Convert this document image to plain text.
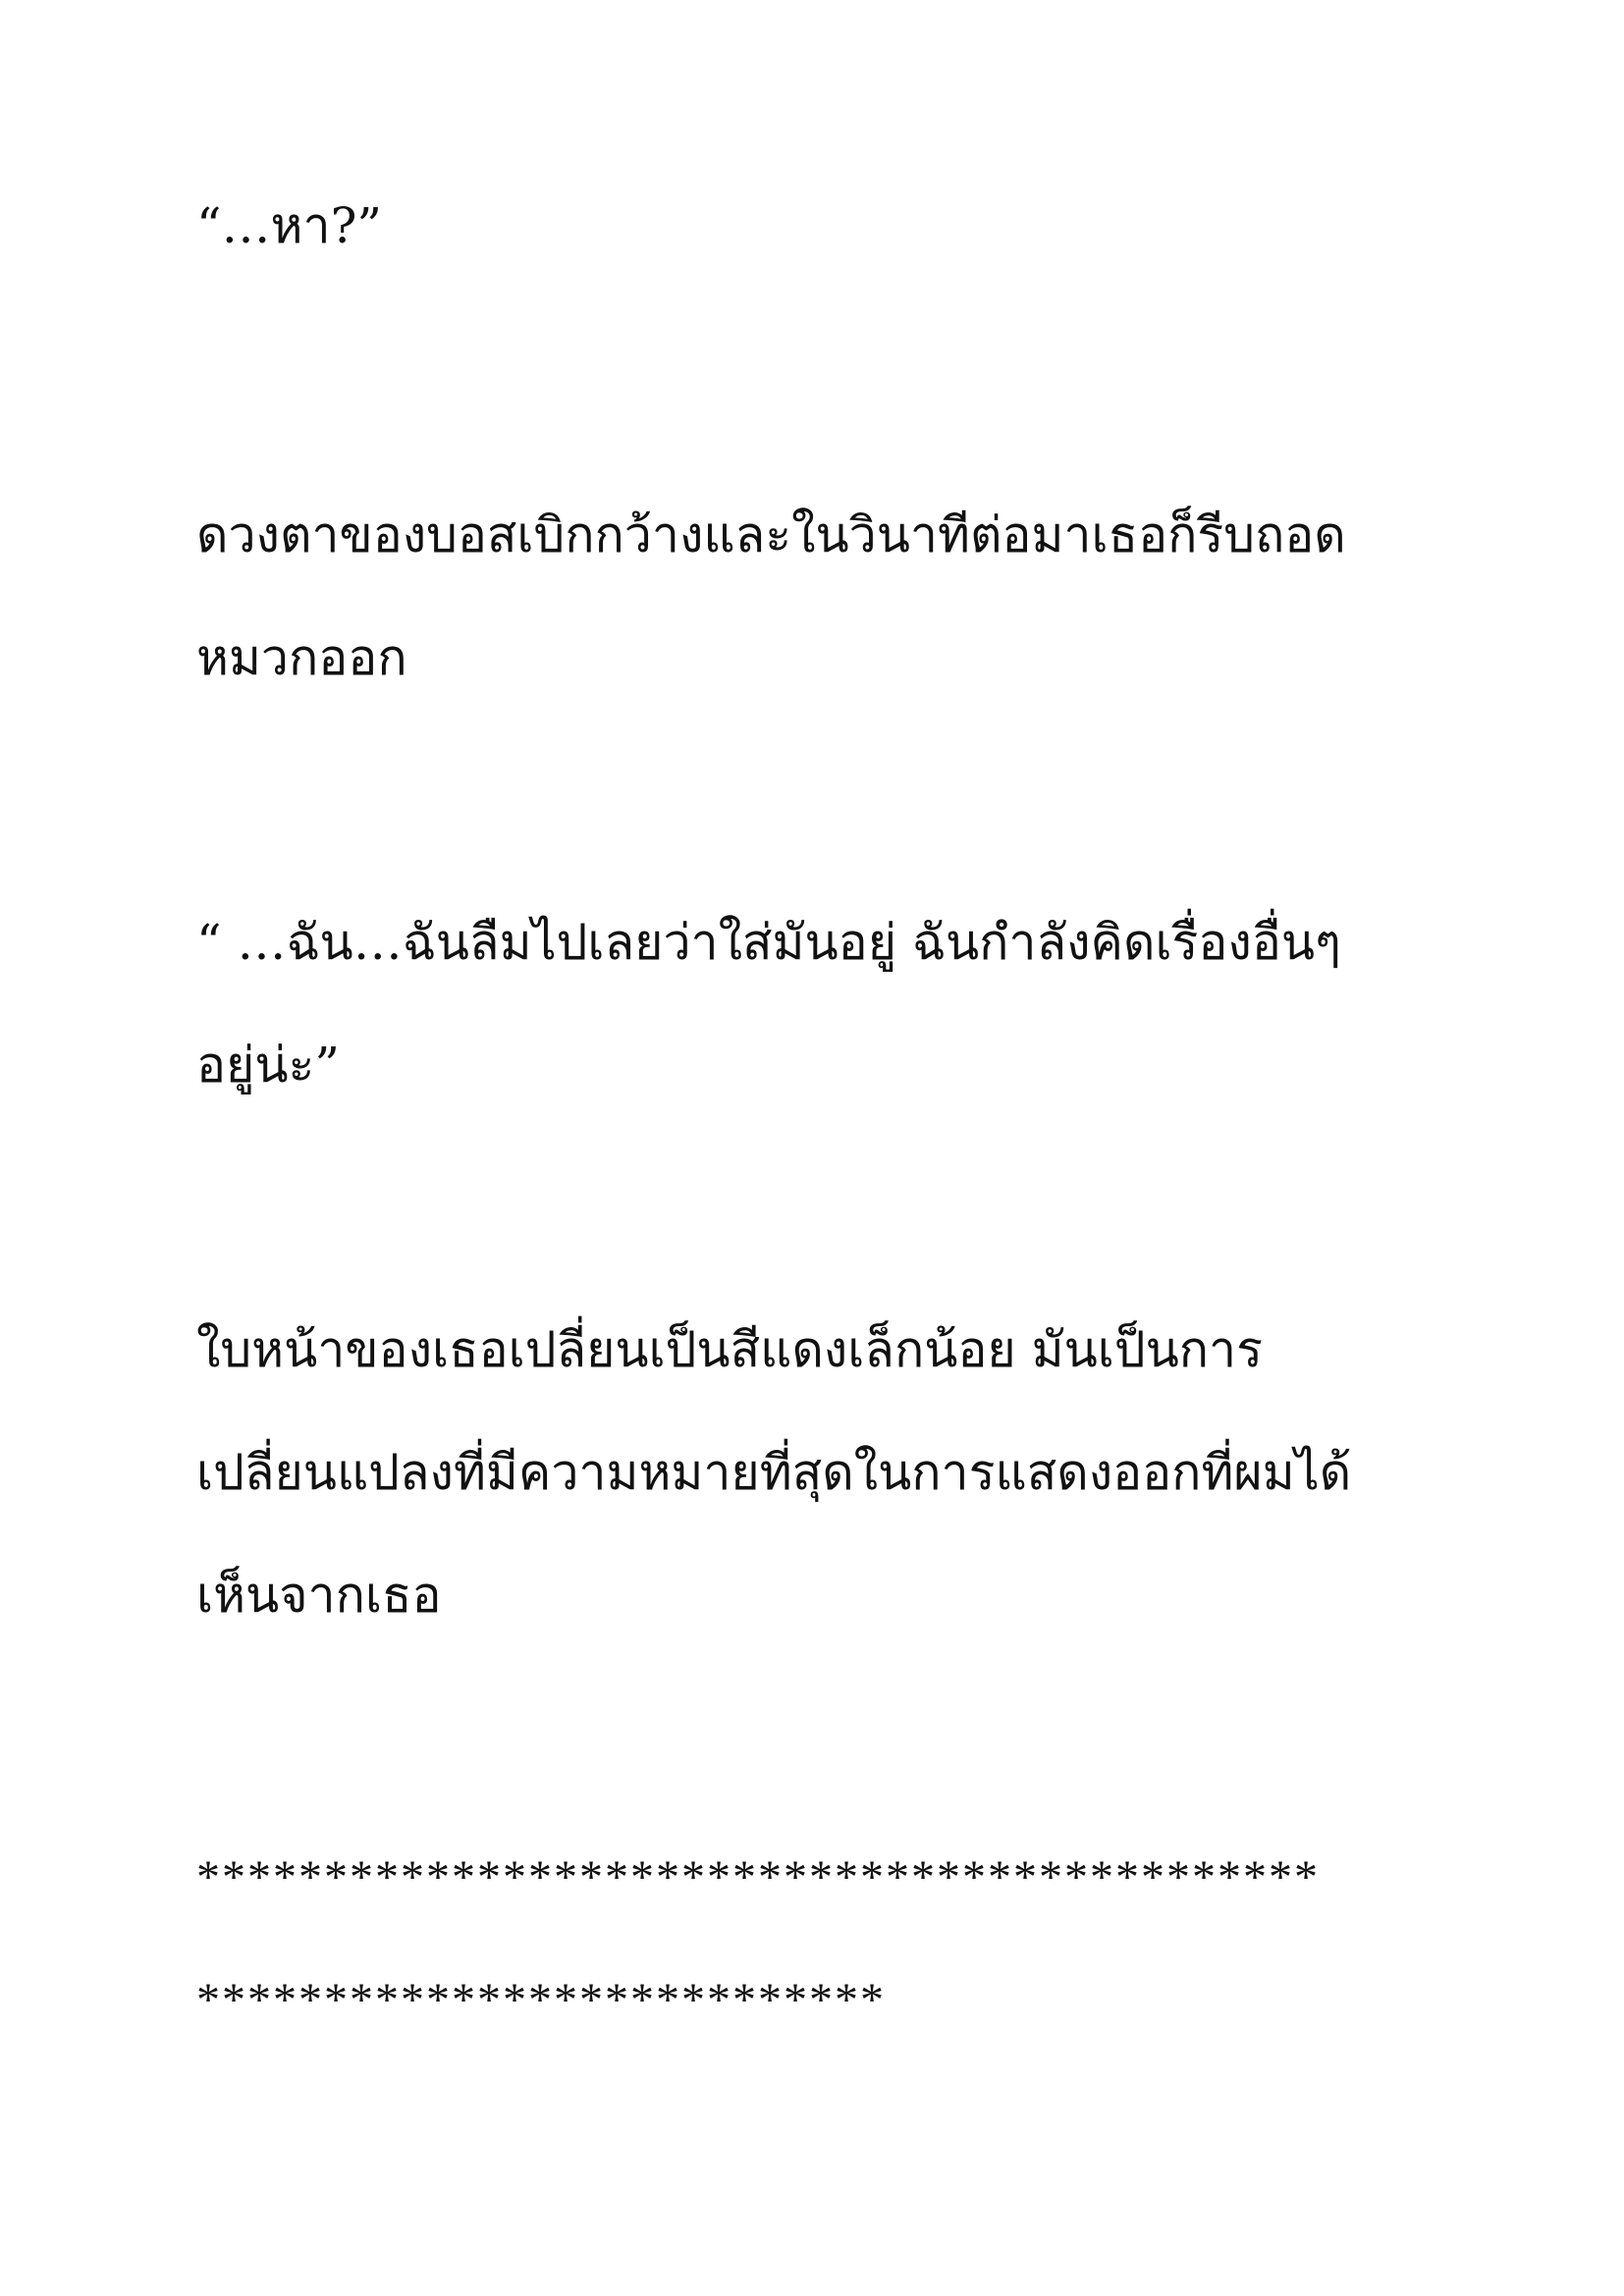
“…หา?”

ดวงตาของบอสเบิกกว้างและในวินาทีต่อมาเธอก็รีบถอด

หมวกออก

“ …ฉัน…ฉันลืมไปเลยว่าใส่มันอยู่ ฉันกำลังคิดเรื่องอื่นๆ

อยู่น่ะ”

ใบหน้าของเธอเปลี่ยนเป็นสีแดงเล็กน้อย มันเป็นการ

เปลี่ยนแปลงที่มีความหมายที่สุดในการแสดงออกที่ผมได้

เห็นจากเธอ

********************************************

***************************
